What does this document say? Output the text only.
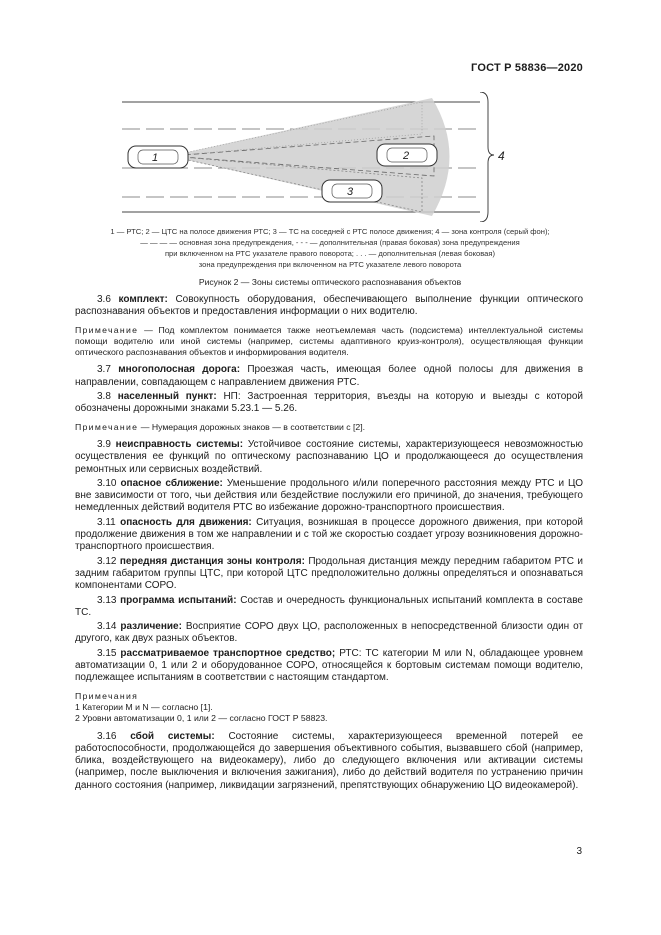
ГОСТ Р 58836—2020
4
1	2
3
1 — РТС; 2 — ЦТС на полосе движения РТС; 3 — ТС на соседней с РТС полосе движения; 4 — зона контроля (серый фон);
— — — — основная зона предупреждения, - - - — дополнительная (правая боковая) зона предупреждения
при включенном на РТС указателе правого поворота; . . . — дополнительная (левая боковая)
зона предупреждения при включенном на РТС указателе левого поворота
Рисунок 2 — Зоны системы оптического распознавания объектов

3.6 комплект: Совокупность оборудования, обеспечивающего выполнение функции оптического распознавания объектов и предоставления информации о них водителю.

Примечание — Под комплектом понимается также неотъемлемая часть (подсистема) интеллектуальной системы помощи водителю или иной системы (например, системы адаптивного круиз-контроля), осуществляющая функции оптического распознавания объектов и информирования водителя.

3.7 многополосная дорога: Проезжая часть, имеющая более одной полосы для движения в направлении, совпадающем с направлением движения РТС.

3.8 населенный пункт: НП: Застроенная территория, въезды на которую и выезды с которой обозначены дорожными знаками 5.23.1 — 5.26.

Примечание — Нумерация дорожных знаков — в соответствии с [2].

3.9 неисправность системы: Устойчивое состояние системы, характеризующееся невозможностью осуществления ее функций по оптическому распознаванию ЦО и продолжающееся до осуществления ремонтных или сервисных воздействий.

3.10 опасное сближение: Уменьшение продольного и/или поперечного расстояния между РТС и ЦО вне зависимости от того, чьи действия или бездействие послужили его причиной, до значения, требующего немедленных действий водителя РТС во избежание дорожно-транспортного происшествия.

3.11 опасность для движения: Ситуация, возникшая в процессе дорожного движения, при которой продолжение движения в том же направлении и с той же скоростью создает угрозу возникновения дорожно-транспортного происшествия.

3.12 передняя дистанция зоны контроля: Продольная дистанция между передним габаритом РТС и задним габаритом группы ЦТС, при которой ЦТС предположительно должны определяться и опознаваться компонентами СОРО.

3.13 программа испытаний: Состав и очередность функциональных испытаний комплекта в составе ТС.

3.14 различение: Восприятие СОРО двух ЦО, расположенных в непосредственной близости один от другого, как двух разных объектов.

3.15 рассматриваемое транспортное средство; РТС: ТС категории М или N, обладающее уровнем автоматизации 0, 1 или 2 и оборудованное СОРО, относящейся к бортовым системам помощи водителю, подлежащее испытаниям в соответствии с настоящим стандартом.

Примечания
1 Категории М и N — согласно [1].
2 Уровни автоматизации 0, 1 или 2 — согласно ГОСТ Р 58823.

3.16 сбой системы: Состояние системы, характеризующееся временной потерей ее работоспособности, продолжающейся до завершения объективного события, вызвавшего сбой (например, блика, воздействующего на видеокамеру), либо до следующего включения или активации системы (например, после выключения и включения зажигания), либо до действий водителя по устранению причин данного состояния (например, ликвидации загрязнений, препятствующих обнаружению ЦО видеокамерой).

3
